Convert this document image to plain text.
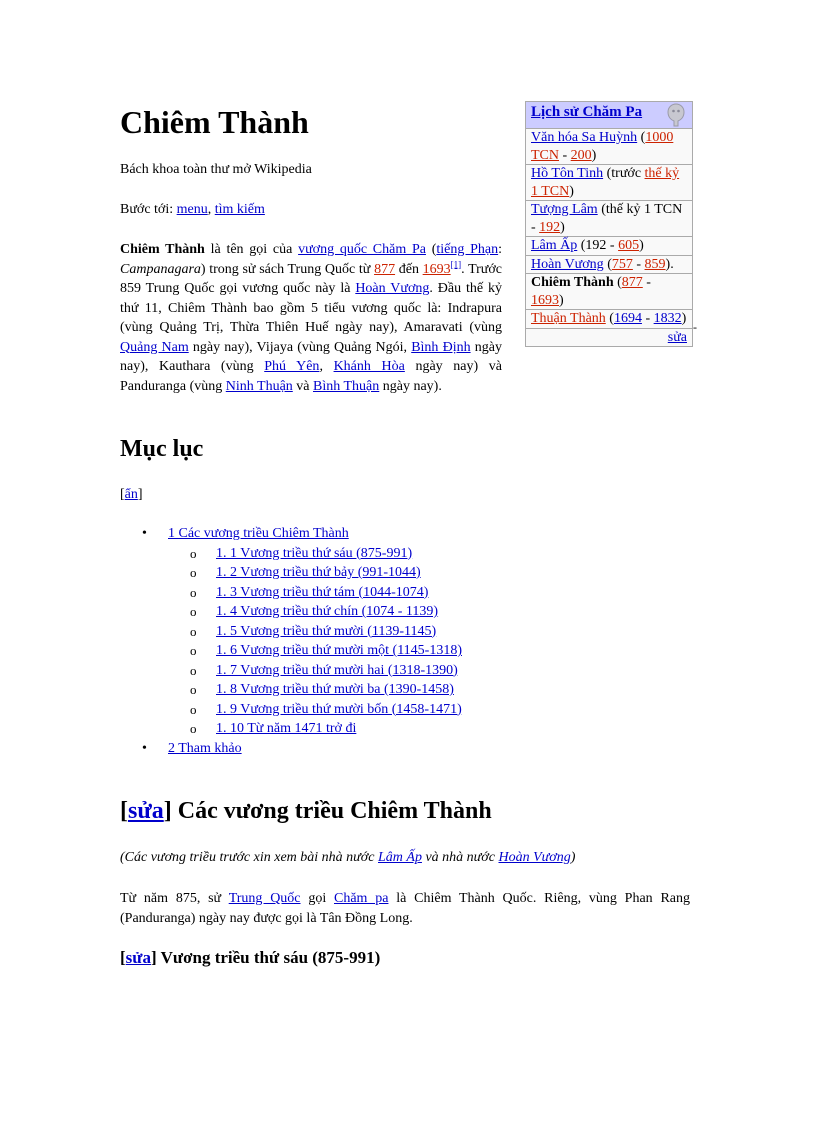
Chiêm Thành

Bách khoa toàn thư mở Wikipedia

Bước tới: menu, tìm kiếm

Chiêm Thành là tên gọi của vương quốc Chăm Pa (tiếng Phạn: Campanagara) trong sử sách Trung Quốc từ 877 đến 1693[1]. Trước 859 Trung Quốc gọi vương quốc này là Hoàn Vương. Đầu thế kỷ thứ 11, Chiêm Thành bao gồm 5 tiểu vương quốc là: Indrapura (vùng Quảng Trị, Thừa Thiên Huế ngày nay), Amaravati (vùng Quảng Nam ngày nay), Vijaya (vùng Quảng Ngói, Bình Định ngày nay), Kauthara (vùng Phú Yên, Khánh Hòa ngày nay) và Panduranga (vùng Ninh Thuận và Bình Thuận ngày nay).

Lịch sử Chăm Pa
Văn hóa Sa Huỳnh (1000 TCN - 200)
Hồ Tôn Tinh (trước thế kỷ 1 TCN)
Tượng Lâm (thế kỷ 1 TCN - 192)
Lâm Ấp (192 - 605)
Hoàn Vương (757 - 859).
Chiêm Thành (877 - 1693)
Thuận Thành (1694 - 1832)
sửa
-
Mục lục

[ẩn]

• 1 Các vương triều Chiêm Thành
o 1. 1 Vương triều thứ sáu (875-991)
o 1. 2 Vương triều thứ bảy (991-1044)
o 1. 3 Vương triều thứ tám (1044-1074)
o 1. 4 Vương triều thứ chín (1074 - 1139)
o 1. 5 Vương triều thứ mười (1139-1145)
o 1. 6 Vương triều thứ mười một (1145-1318)
o 1. 7 Vương triều thứ mười hai (1318-1390)
o 1. 8 Vương triều thứ mười ba (1390-1458)
o 1. 9 Vương triều thứ mười bốn (1458-1471)
o 1. 10 Từ năm 1471 trở đi
• 2 Tham khảo
[sửa] Các vương triều Chiêm Thành

(Các vương triều trước xin xem bài nhà nước Lâm Ấp và nhà nước Hoàn Vương)

Từ năm 875, sử Trung Quốc gọi Chăm pa là Chiêm Thành Quốc. Riêng, vùng Phan Rang (Panduranga) ngày nay được gọi là Tân Đồng Long.

[sửa] Vương triều thứ sáu (875-991)
